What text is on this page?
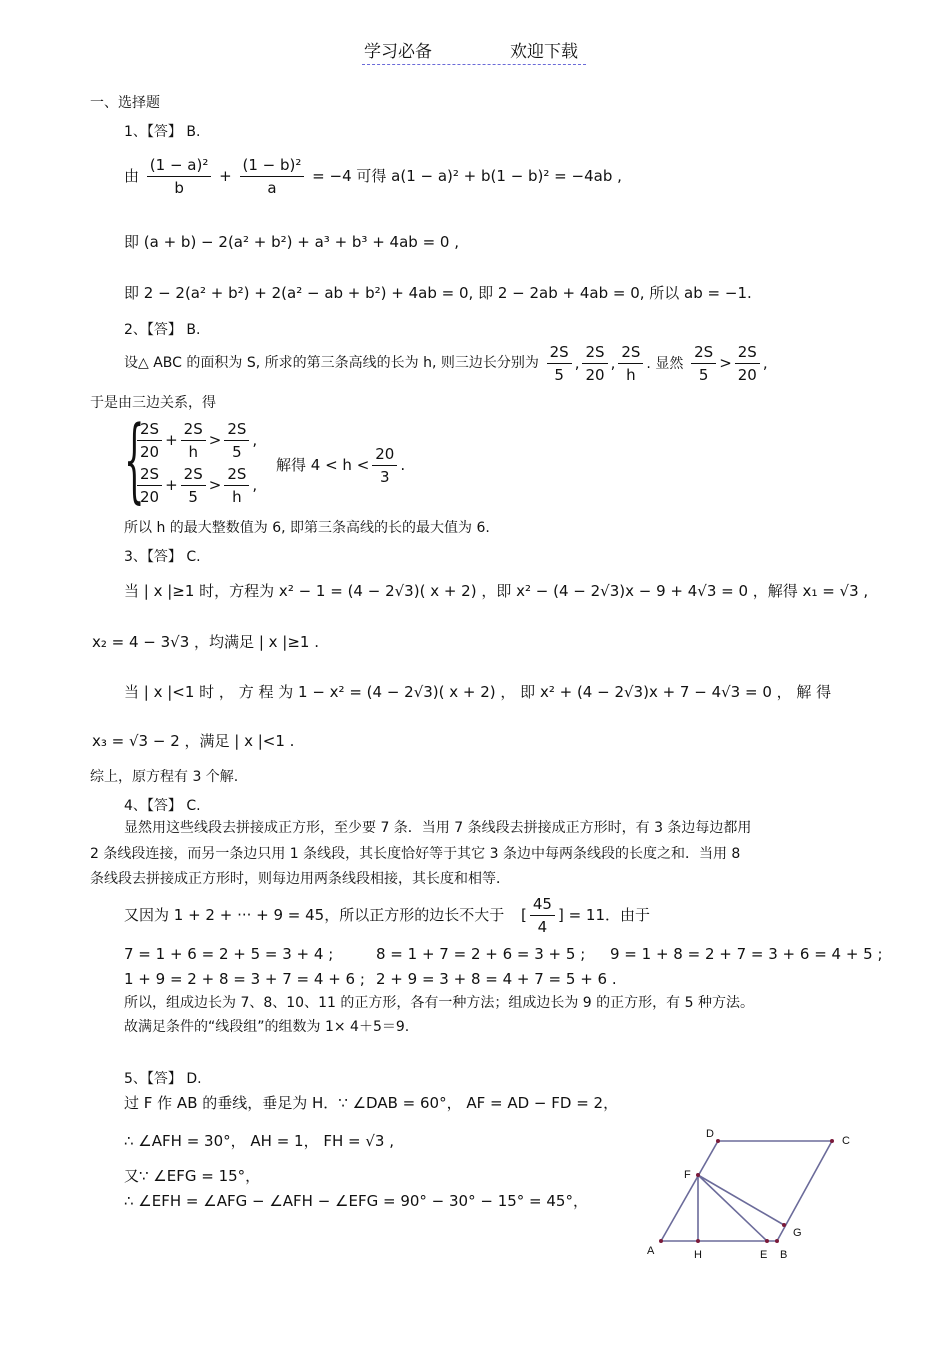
学习必备	欢迎下载
一、选择题
1、【答】 B.
由 $\frac{\text{(1 − a)²}}{b} + \frac{\text{(1 − b)²}}{a} = -4$ 可得 a(1 − a)² + b(1 − b)² = −4ab ,
即 (a + b) − 2(a² + b²) + a³ + b³ + 4ab = 0 ,
即 2 − 2(a² + b²) + 2(a² − ab + b²) + 4ab = 0, 即 2 − 2ab + 4ab = 0, 所以 ab = −1.
2、【答】 B.
设△ ABC 的面积为 S, 所求的第三条高线的长为 h, 则三边长分别为 $\frac{2S}{5}$ , $\frac{2S}{20}$ , $\frac{2S}{h}$ . 显然 $\frac{2S}{5} > \frac{2S}{20}$ ,
于是由三边关系，得
{
$\frac{2S}{20} + \frac{2S}{h} > \frac{2S}{5}$ ,
$\frac{2S}{20} + \frac{2S}{5} > \frac{2S}{h}$ ,
解得 $4 < h < \frac{20}{3}$ .
所以 h 的最大整数值为 6, 即第三条高线的长的最大值为 6.
3、【答】 C.
当 | x |≥1 时，方程为 x² − 1 = (4 − 2√3)( x + 2) ，即 x² − (4 − 2√3)x − 9 + 4√3 = 0 ，解得 x₁ = √3 ,
x₂ = 4 − 3√3 ，均满足 | x |≥1 .
当 | x |<1 时 ， 方 程 为 1 − x² = (4 − 2√3)( x + 2) ， 即 x² + (4 − 2√3)x + 7 − 4√3 = 0 ， 解 得
x₃ = √3 − 2 ，满足 | x |<1 .
综上，原方程有 3 个解.
4、【答】 C.
显然用这些线段去拼接成正方形，至少要 7 条．当用 7 条线段去拼接成正方形时，有 3 条边每边都用
2 条线段连接，而另一条边只用 1 条线段，其长度恰好等于其它 3 条边中每两条线段的长度之和．当用 8
条线段去拼接成正方形时，则每边用两条线段相接，其长度和相等．
又因为 1 + 2 + ··· + 9 = 45，所以正方形的边长不大于 [ $\frac{45}{4}$ ] = 11．由于
7 = 1 + 6 = 2 + 5 = 3 + 4 ;	8 = 1 + 7 = 2 + 6 = 3 + 5 ; 9 = 1 + 8 = 2 + 7 = 3 + 6 = 4 + 5 ;
1 + 9 = 2 + 8 = 3 + 7 = 4 + 6 ; 2 + 9 = 3 + 8 = 4 + 7 = 5 + 6 .
所以，组成边长为 7、8、10、11 的正方形，各有一种方法；组成边长为 9 的正方形，有 5 种方法。
故满足条件的“线段组”的组数为 1× 4＋5＝9.
5、【答】 D.
过 F 作 AB 的垂线，垂足为 H．∵ ∠DAB = 60°， AF = AD − FD = 2，
∴ ∠AFH = 30°， AH = 1， FH = √3 ,
又∵ ∠EFG = 15°，
∴ ∠EFH = ∠AFG − ∠AFH − ∠EFG = 90° − 30° − 15° = 45°，
A	H	E B
G
C
D
F
